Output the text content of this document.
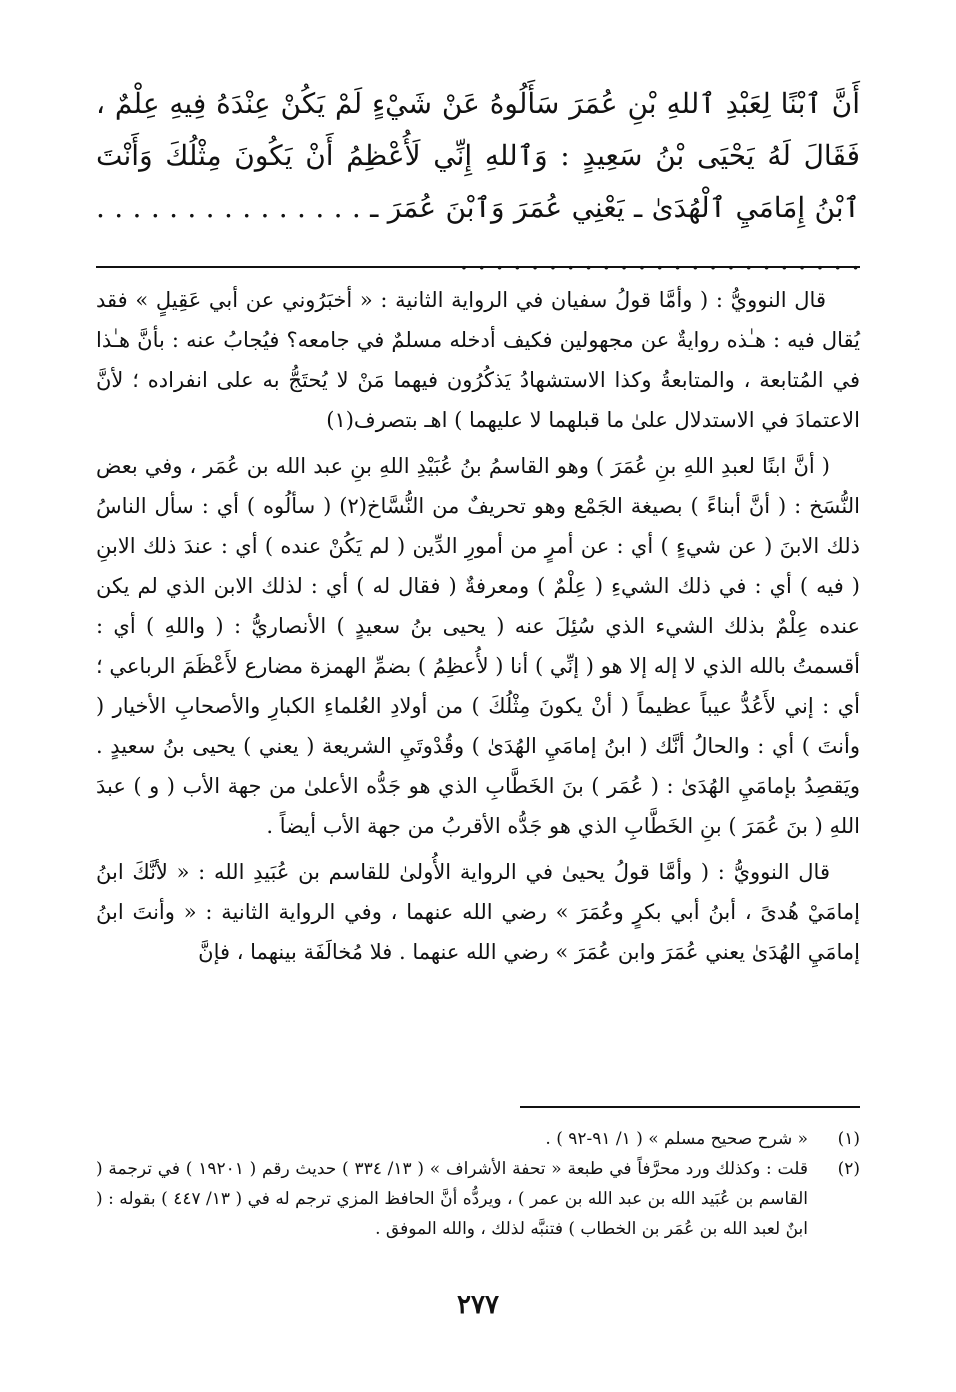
أَنَّ ٱبْنًا لِعَبْدِ ٱللهِ بْنِ عُمَرَ سَأَلُوهُ عَنْ شَيْءٍ لَمْ يَكُنْ عِنْدَهُ فِيهِ عِلْمٌ ، فَقَالَ لَهُ يَحْيَى بْنُ سَعِيدٍ : وَٱللهِ إِنِّي لَأُعْظِمُ أَنْ يَكُونَ مِثْلُكَ وَأَنْتَ ٱبْنُ إِمَامَيِ ٱلْهُدَىٰ ـ يَعْنِي عُمَرَ وَٱبْنَ عُمَرَ ـ . . . . . . . . . . . . . . . . . . . . . . . . . . . . . . . . . . . . . .

قال النوويُّ : ( وأمَّا قولُ سفيان في الرواية الثانية : « أخبَرُوني عن أبي عَقِيلٍ » فقد يُقال فيه : هـٰذه روايةٌ عن مجهولين فكيف أدخله مسلمٌ في جامعه؟ فيُجابُ عنه : بأنَّ هـٰذا في المُتابعة ، والمتابعةُ وكذا الاستشهادُ يَذكُرُون فيهما مَنْ لا يُحتَجُّ به على انفراده ؛ لأنَّ الاعتمادَ في الاستدلال علىٰ ما قبلهما لا عليهما ) اهـ بتصرف(١)

( أنَّ ابنًا لعبدِ اللهِ بنِ عُمَرَ ) وهو القاسمُ بنُ عُبَيْدِ اللهِ بنِ عبد الله بن عُمَر ، وفي بعض النُّسَخ : ( أنَّ أبناءً ) بصيغة الجَمْع وهو تحريفٌ من النُّسَّاخ(٢) ( سألُوه ) أي : سأل الناسُ ذلك الابنَ ( عن شيءٍ ) أي : عن أمرٍ من أمورِ الدِّين ( لم يَكُنْ عنده ) أي : عندَ ذلك الابنِ ( فيه ) أي : في ذلك الشيءِ ( عِلْمٌ ) ومعرفةٌ ( فقال له ) أي : لذلك الابن الذي لم يكن عنده عِلْمٌ بذلك الشيء الذي سُئِلَ عنه ( يحيى بنُ سعيدٍ ) الأنصاريُّ : ( واللهِ ) أي : أقسمتُ بالله الذي لا إله إلا هو ( إنِّي ) أنا ( لأُعظِمُ ) بضمِّ الهمزة مضارع لأَعْظَمَ الرباعي ؛ أي : إني لأَعُدُّ عيباً عظيماً ( أنْ يكونَ مِثْلُكَ ) من أولادِ العُلماءِ الكبارِ والأصحابِ الأخيار ( وأنتَ ) أي : والحالُ أنَّك ( ابنُ إمامَيِ الهُدَىٰ ) وقُدْوتَيِ الشريعة ( يعني ) يحيى بنُ سعيدٍ . ويَقصِدُ بإمامَيِ الهُدَىٰ : ( عُمَر ) بنَ الخَطَّابِ الذي هو جَدُّه الأعلىٰ من جهة الأب ( و ) عبدَ اللهِ ( بنَ عُمَرَ ) بنِ الخَطَّابِ الذي هو جَدُّه الأقربُ من جهة الأب أيضاً .

قال النوويُّ : ( وأمَّا قولُ يحيىٰ في الرواية الأُولىٰ للقاسم بن عُبَيدِ الله : « لأنَّكَ ابنُ إمامَيْ هُدىً ، أبنُ أبي بكرٍ وعُمَرَ » رضي الله عنهما ، وفي الرواية الثانية : « وأنتَ ابنُ إمامَيِ الهُدَىٰ يعني عُمَرَ وابن عُمَرَ » رضي الله عنهما . فلا مُخالَفَة بينهما ، فإنَّ

(١)
« شرح صحيح مسلم » ( ١/ ٩١-٩٢ ) .
(٢)
قلت : وكذلك ورد محرَّفاً في طبعة « تحفة الأشراف » ( ١٣/ ٣٣٤ ) حديث رقم ( ١٩٢٠١ ) في ترجمة ( القاسم بن عُبَيد الله بن عبد الله بن عمر ) ، ويردُّه أنَّ الحافظ المزي ترجم له في ( ١٣/ ٤٤٧ ) بقوله : ( ابنٌ لعبد الله بن عُمَر بن الخطاب ) فتنبَّه لذلك ، والله الموفق .
٢٧٧
